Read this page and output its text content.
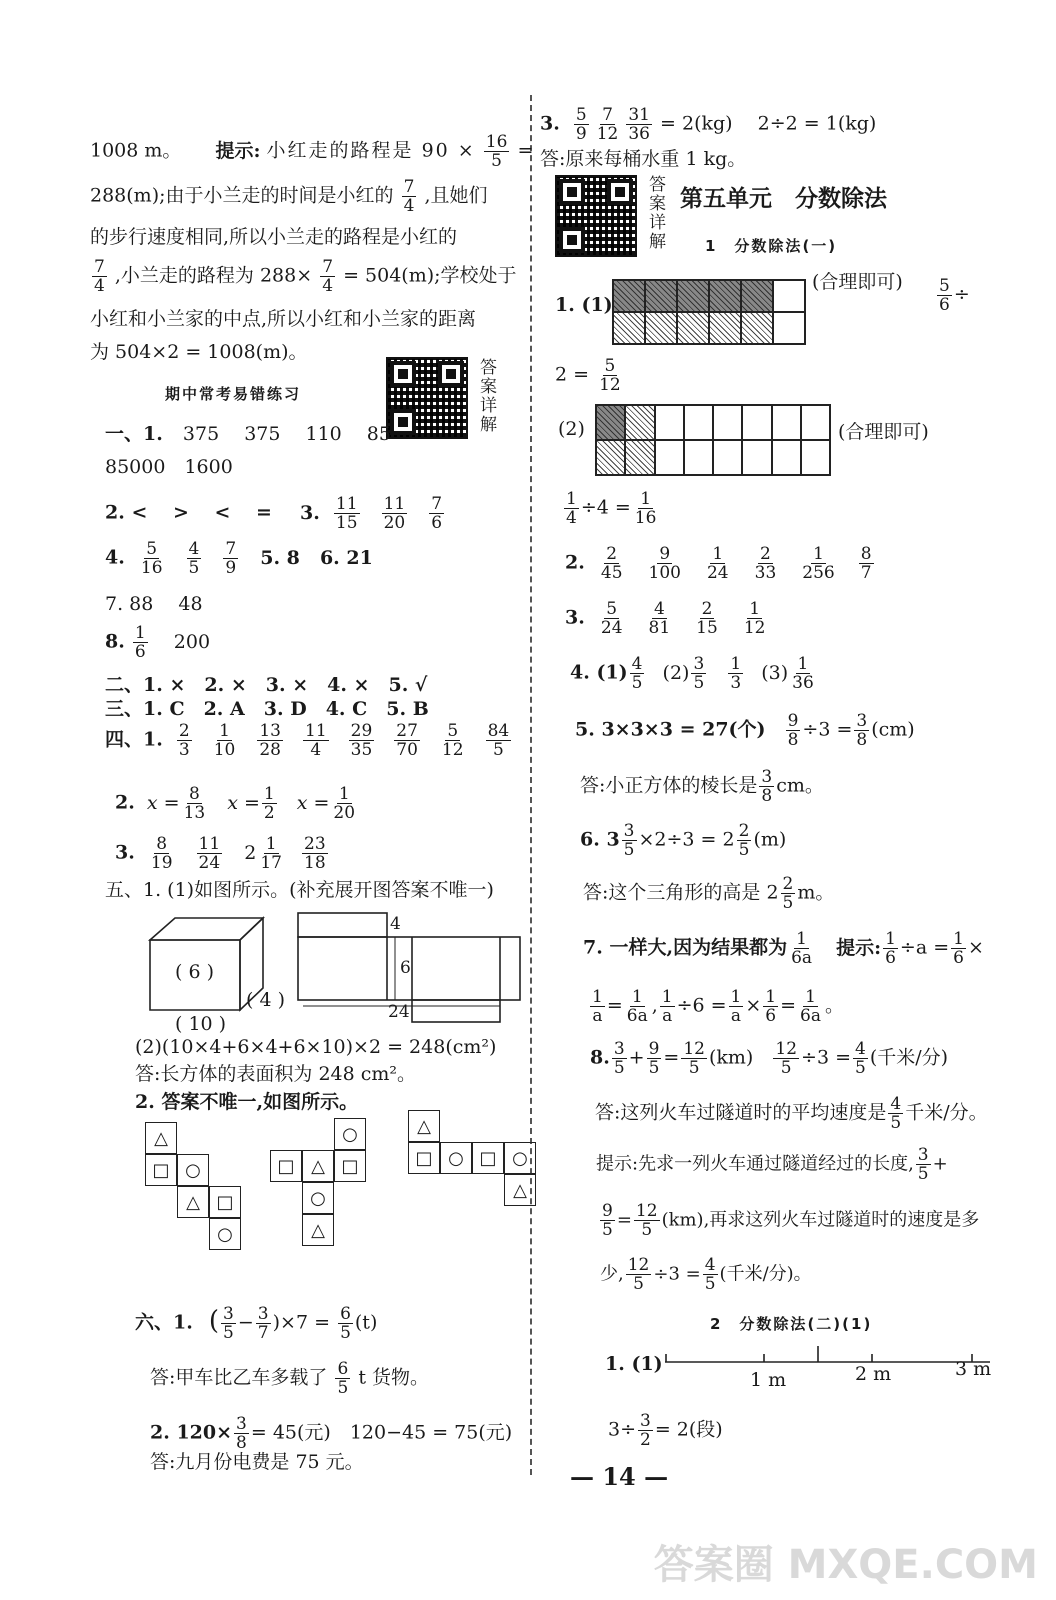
1008 m。 提示: 小红走的路程是 $90 \times \frac{16}{5}$ =
288(m);由于小兰走的时间是小红的 $\frac{7}{4}$ ,且她们
的步行速度相同,所以小兰走的路程是小红的
$\frac{7}{4}$ ,小兰走的路程为 $288\times \frac{7}{4} = 504(m)$;学校处于
小红和小兰家的中点,所以小红和小兰家的距离
为 504×2 = 1008(m)。
期中常考易错练习	答案详解
一、1. 375　 375　 110　 85
85000　1600
2. <　 >　 <　 = 3. $\frac{11}{15} \frac{11}{20} \frac{7}{6}$
4. $\frac{5}{16} \frac{4}{5} \frac{7}{9} 5$. 8 6. 21
7. 88　 48
8. $\frac{1}{6} 200$
二、1. ×　2. ×　3. ×　4. ×　5. √
三、1. C　2. A　3. D　4. C　5. B
四、1. $\frac{2}{3} \frac{1}{10} \frac{13}{28} \frac{11}{4} \frac{29}{35} \frac{27}{70} \frac{5}{12} \frac{84}{5}$
2. $x = \frac{8}{13}$ $x = \frac{1}{2}$ $x = \frac{1}{20}$
3. $\frac{8}{19} \frac{11}{24} 2 \frac{1}{17}$
$\frac{23}{18}$
五、1. (1)如图所示。(补充展开图答案不唯一)
( 6 )
( 4 )
( 10 )
4
6
24
(2)(10×4+6×4+6×10)×2 = 248(cm²)
答:长方体的表面积为 248 cm²。
2. 答案不唯一,如图所示。
△
□ ○
△ □
○
○
□ △ □
○
△
△
□ ○ □ ○
△
六、1. ( $\frac{3}{5} - \frac{3}{7} )\times 7 = \frac{6}{5} (t)$
答:甲车比乙车多载了 $\frac{6}{5}$ t 货物。
2. $120\times \frac{3}{8} = 45$(元)　120−45 = 75(元)
答:九月份电费是 75 元。
3. $\frac{5}{9} \frac{7}{12} \frac{31}{36} = 2(kg)$　 2÷2 = 1(kg)
答:原来每桶水重 1 kg。
答案详解 第五单元　分数除法
1　分数除法(一)
1. (1)
(合理即可) $\frac{5}{6}$ ÷
$2 = \frac{5}{12}$
(2)	(合理即可)
$\frac{1}{4} \div 4 = \frac{1}{16}$
2. $\frac{2}{45} \frac{9}{100} \frac{1}{24} \frac{2}{33} \frac{1}{256} \frac{8}{7}$
3. $\frac{5}{24} \frac{4}{81} \frac{2}{15} \frac{1}{12}$
4. $(1) \frac{4}{5} (2) \frac{3}{5}$
$\frac{1}{3} (3) \frac{1}{36}$
5. 3×3×3 = 27(个) $\frac{9}{8} \div 3 = \frac{3}{8} (cm)$
答:小正方体的棱长是 $\frac{3}{8}$ cm。
6. $3 \frac{3}{5} \times 2\div 3 = 2 \frac{2}{5} (m)$
答:这个三角形的高是 $2 \frac{2}{5}$ m。
7. 一样大,因为结果都为 $\frac{1}{6a}$ 提示: $\frac{1}{6} \div a = \frac{1}{6}$ ×
$\frac{1}{a} = \frac{1}{6a}$ , $\frac{1}{a} \div 6 = \frac{1}{a} \times \frac{1}{6} = \frac{1}{6a}$ 。
8. $\frac{3}{5} + \frac{9}{5} = \frac{12}{5} (km) \frac{12}{5} \div 3 = \frac{4}{5}$ (千米/分)
答:这列火车过隧道时的平均速度是 $\frac{4}{5}$ 千米/分。
提示:先求一列火车通过隧道经过的长度, $\frac{3}{5}$ +
$\frac{9}{5} = \frac{12}{5} (km)$,再求这列火车过隧道时的速度是多
少, $\frac{12}{5} \div 3 = \frac{4}{5}$ (千米/分)。
2　分数除法(二)(1)
1. (1)
1 m	2 m	3 m
$3\div \frac{3}{2} = 2$(段)
— 14 —
答案圈 MXQE.COM
